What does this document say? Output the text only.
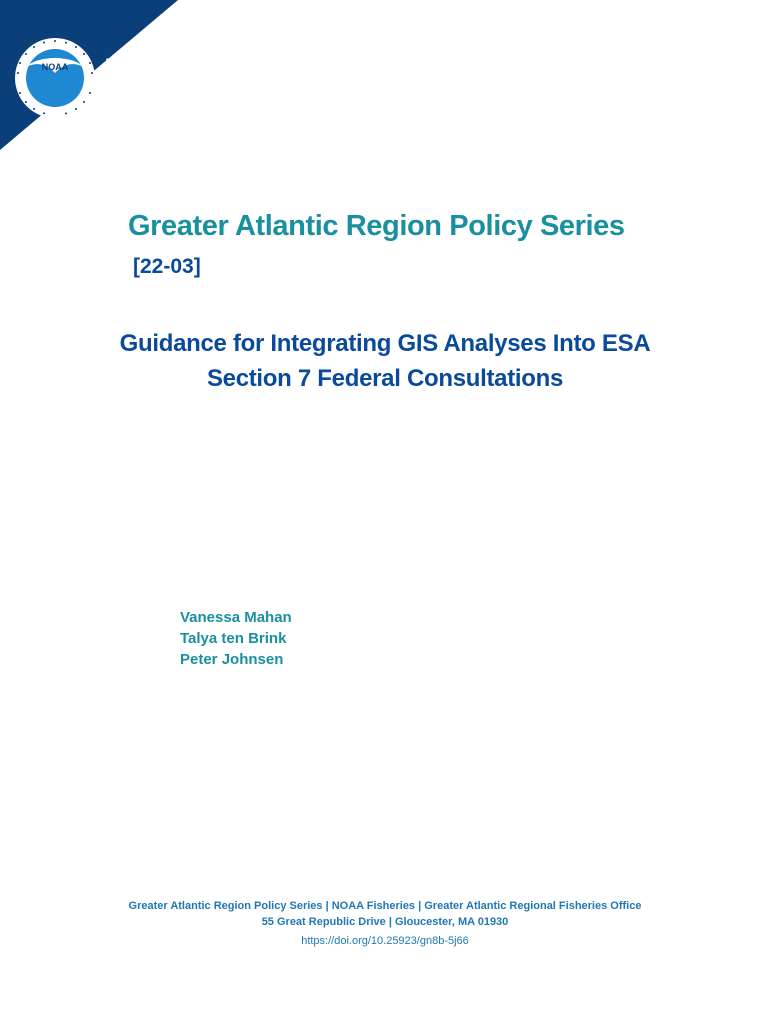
NOAA NOAA
FISHERIES
Greater Atlantic Region Policy Series
[22-03]
Guidance for Integrating GIS Analyses Into ESA
Section 7 Federal Consultations
Vanessa Mahan
Talya ten Brink
Peter Johnsen
Greater Atlantic Region Policy Series | NOAA Fisheries | Greater Atlantic Regional Fisheries Office
55 Great Republic Drive | Gloucester, MA 01930
https://doi.org/10.25923/gn8b-5j66
